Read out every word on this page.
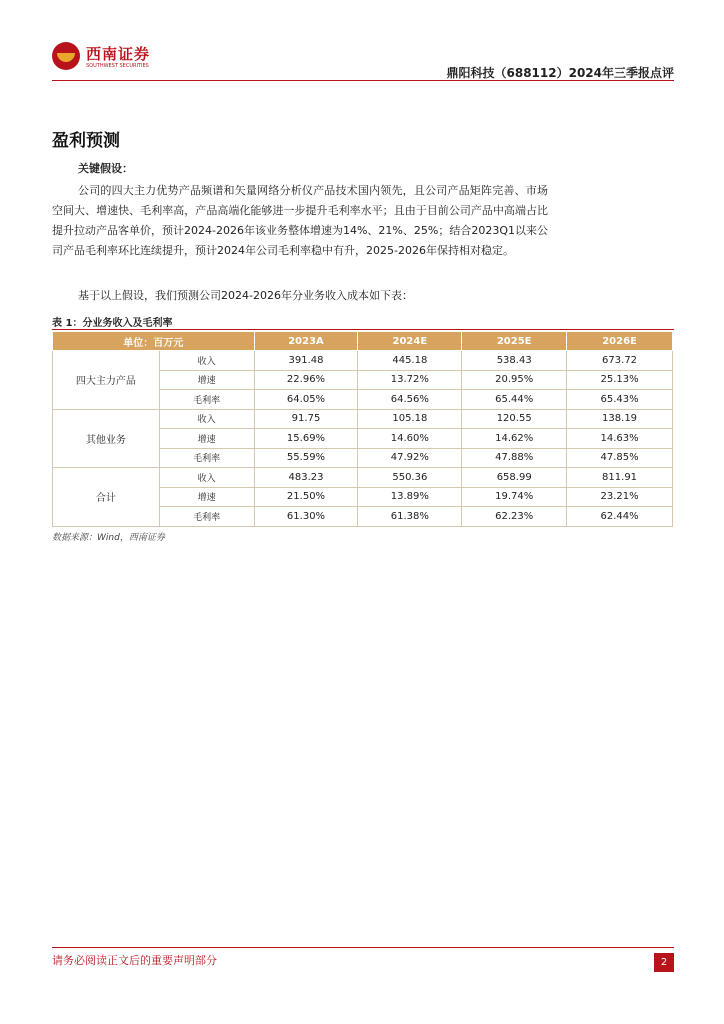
西南证券
SOUTHWEST SECURITIES	鼎阳科技（688112）2024年三季报点评
盈利预测
关键假设：

公司的四大主力优势产品频谱和矢量网络分析仪产品技术国内领先，且公司产品矩阵完善、市场空间大、增速快、毛利率高，产品高端化能够进一步提升毛利率水平；且由于目前公司产品中高端占比提升拉动产品客单价，预计2024-2026年该业务整体增速为14%、21%、25%；结合2023Q1以来公司产品毛利率环比连续提升，预计2024年公司毛利率稳中有升，2025-2026年保持相对稳定。

基于以上假设，我们预测公司2024-2026年分业务收入成本如下表：

表 1：分业务收入及毛利率
单位：百万元		2023A	2024E	2025E	2026E
四大主力产品	收入	391.48	445.18	538.43	673.72
	增速	22.96%	13.72%	20.95%	25.13%
	毛利率	64.05%	64.56%	65.44%	65.43%
其他业务	收入	91.75	105.18	120.55	138.19
	增速	15.69%	14.60%	14.62%	14.63%
	毛利率	55.59%	47.92%	47.88%	47.85%
合计	收入	483.23	550.36	658.99	811.91
	增速	21.50%	13.89%	19.74%	23.21%
	毛利率	61.30%	61.38%	62.23%	62.44%
数据来源：Wind，西南证券
请务必阅读正文后的重要声明部分	2
